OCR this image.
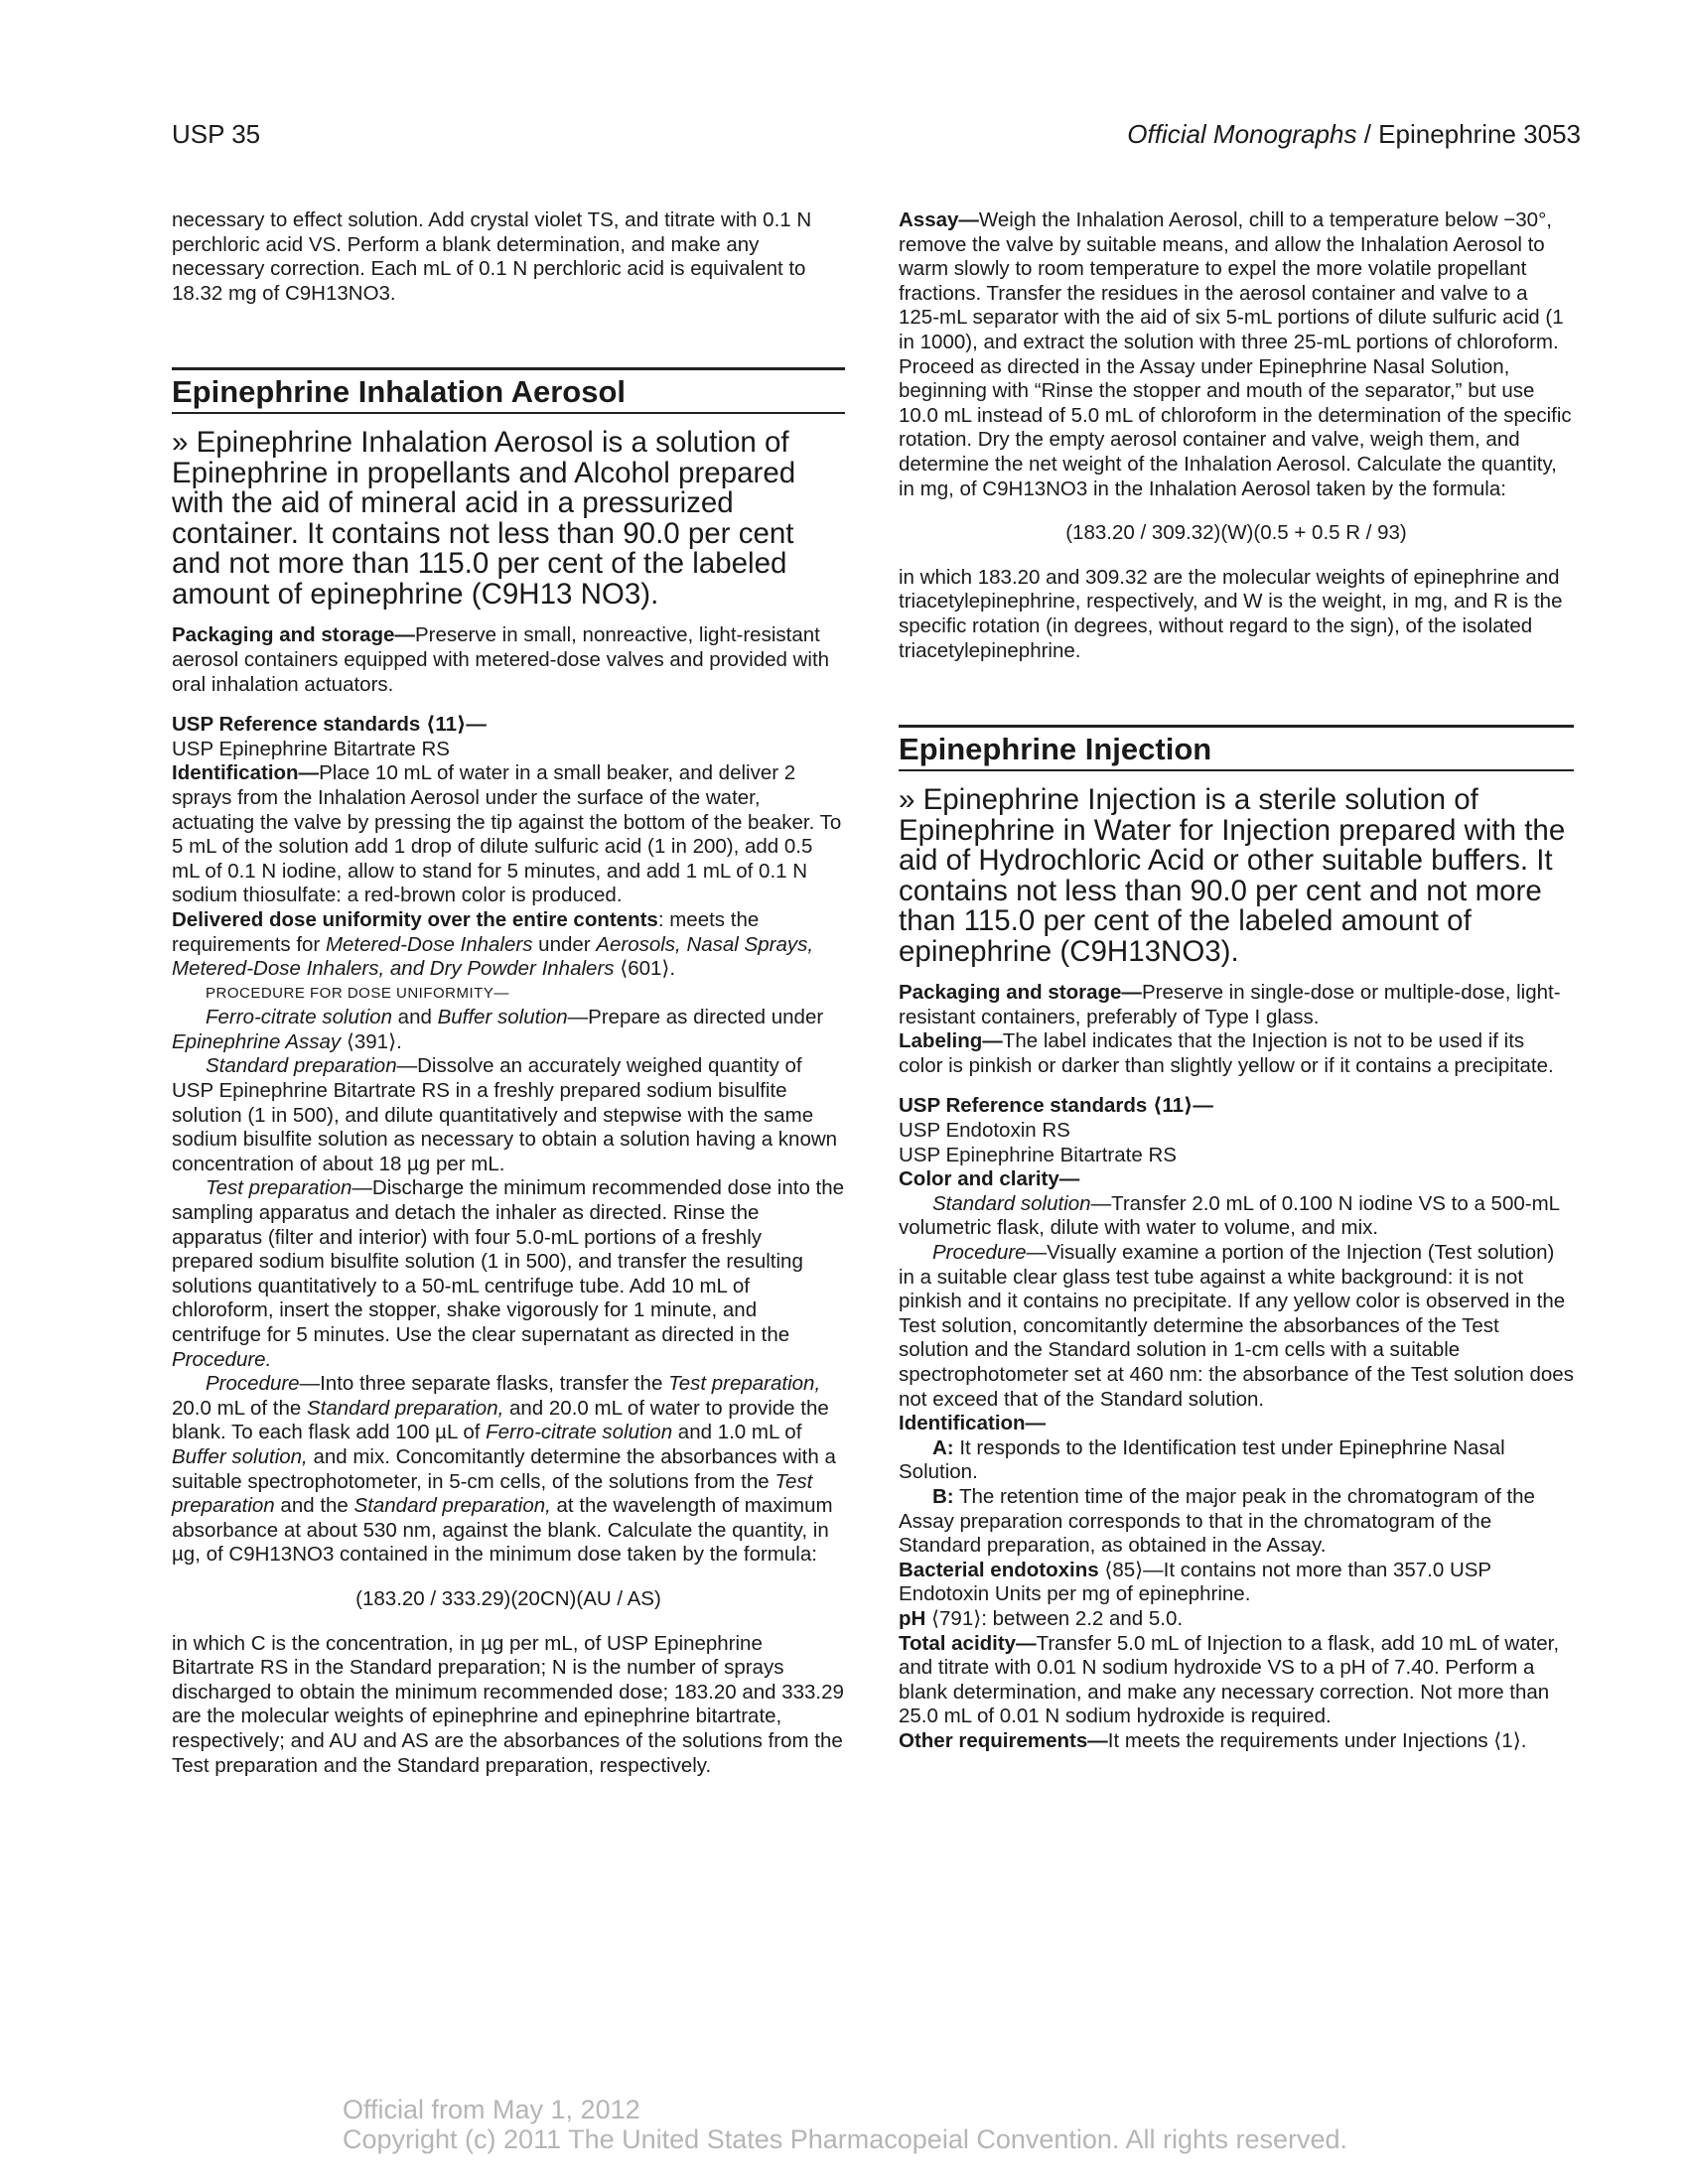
USP 35	Official Monographs / Epinephrine 3053

necessary to effect solution. Add crystal violet TS, and titrate with 0.1 N perchloric acid VS. Perform a blank determination, and make any necessary correction. Each mL of 0.1 N perchloric acid is equivalent to 18.32 mg of C9H13NO3.

Epinephrine Inhalation Aerosol

» Epinephrine Inhalation Aerosol is a solution of Epinephrine in propellants and Alcohol prepared with the aid of mineral acid in a pressurized container. It contains not less than 90.0 per cent and not more than 115.0 per cent of the labeled amount of epinephrine (C9H13 NO3).

Packaging and storage—Preserve in small, nonreactive, light-resistant aerosol containers equipped with metered-dose valves and provided with oral inhalation actuators.

USP Reference standards ⟨11⟩—

USP Epinephrine Bitartrate RS

Identification—Place 10 mL of water in a small beaker, and deliver 2 sprays from the Inhalation Aerosol under the surface of the water, actuating the valve by pressing the tip against the bottom of the beaker. To 5 mL of the solution add 1 drop of dilute sulfuric acid (1 in 200), add 0.5 mL of 0.1 N iodine, allow to stand for 5 minutes, and add 1 mL of 0.1 N sodium thiosulfate: a red-brown color is produced.

Delivered dose uniformity over the entire contents: meets the requirements for Metered-Dose Inhalers under Aerosols, Nasal Sprays, Metered-Dose Inhalers, and Dry Powder Inhalers ⟨601⟩.

PROCEDURE FOR DOSE UNIFORMITY—

Ferro-citrate solution and Buffer solution—Prepare as directed under Epinephrine Assay ⟨391⟩.

Standard preparation—Dissolve an accurately weighed quantity of USP Epinephrine Bitartrate RS in a freshly prepared sodium bisulfite solution (1 in 500), and dilute quantitatively and stepwise with the same sodium bisulfite solution as necessary to obtain a solution having a known concentration of about 18 µg per mL.

Test preparation—Discharge the minimum recommended dose into the sampling apparatus and detach the inhaler as directed. Rinse the apparatus (filter and interior) with four 5.0-mL portions of a freshly prepared sodium bisulfite solution (1 in 500), and transfer the resulting solutions quantitatively to a 50-mL centrifuge tube. Add 10 mL of chloroform, insert the stopper, shake vigorously for 1 minute, and centrifuge for 5 minutes. Use the clear supernatant as directed in the Procedure.

Procedure—Into three separate flasks, transfer the Test preparation, 20.0 mL of the Standard preparation, and 20.0 mL of water to provide the blank. To each flask add 100 µL of Ferro-citrate solution and 1.0 mL of Buffer solution, and mix. Concomitantly determine the absorbances with a suitable spectrophotometer, in 5-cm cells, of the solutions from the Test preparation and the Standard preparation, at the wavelength of maximum absorbance at about 530 nm, against the blank. Calculate the quantity, in µg, of C9H13NO3 contained in the minimum dose taken by the formula:

(183.20 / 333.29)(20CN)(AU / AS)

in which C is the concentration, in µg per mL, of USP Epinephrine Bitartrate RS in the Standard preparation; N is the number of sprays discharged to obtain the minimum recommended dose; 183.20 and 333.29 are the molecular weights of epinephrine and epinephrine bitartrate, respectively; and AU and AS are the absorbances of the solutions from the Test preparation and the Standard preparation, respectively.

Assay—Weigh the Inhalation Aerosol, chill to a temperature below −30°, remove the valve by suitable means, and allow the Inhalation Aerosol to warm slowly to room temperature to expel the more volatile propellant fractions. Transfer the residues in the aerosol container and valve to a 125-mL separator with the aid of six 5-mL portions of dilute sulfuric acid (1 in 1000), and extract the solution with three 25-mL portions of chloroform. Proceed as directed in the Assay under Epinephrine Nasal Solution, beginning with “Rinse the stopper and mouth of the separator,” but use 10.0 mL instead of 5.0 mL of chloroform in the determination of the specific rotation. Dry the empty aerosol container and valve, weigh them, and determine the net weight of the Inhalation Aerosol. Calculate the quantity, in mg, of C9H13NO3 in the Inhalation Aerosol taken by the formula:

(183.20 / 309.32)(W)(0.5 + 0.5 R / 93)

in which 183.20 and 309.32 are the molecular weights of epinephrine and triacetylepinephrine, respectively, and W is the weight, in mg, and R is the specific rotation (in degrees, without regard to the sign), of the isolated triacetylepinephrine.

Epinephrine Injection

» Epinephrine Injection is a sterile solution of Epinephrine in Water for Injection prepared with the aid of Hydrochloric Acid or other suitable buffers. It contains not less than 90.0 per cent and not more than 115.0 per cent of the labeled amount of epinephrine (C9H13NO3).

Packaging and storage—Preserve in single-dose or multiple-dose, light-resistant containers, preferably of Type I glass.

Labeling—The label indicates that the Injection is not to be used if its color is pinkish or darker than slightly yellow or if it contains a precipitate.

USP Reference standards ⟨11⟩—

USP Endotoxin RS

USP Epinephrine Bitartrate RS

Color and clarity—

Standard solution—Transfer 2.0 mL of 0.100 N iodine VS to a 500-mL volumetric flask, dilute with water to volume, and mix.

Procedure—Visually examine a portion of the Injection (Test solution) in a suitable clear glass test tube against a white background: it is not pinkish and it contains no precipitate. If any yellow color is observed in the Test solution, concomitantly determine the absorbances of the Test solution and the Standard solution in 1-cm cells with a suitable spectrophotometer set at 460 nm: the absorbance of the Test solution does not exceed that of the Standard solution.

Identification—

A: It responds to the Identification test under Epinephrine Nasal Solution.

B: The retention time of the major peak in the chromatogram of the Assay preparation corresponds to that in the chromatogram of the Standard preparation, as obtained in the Assay.

Bacterial endotoxins ⟨85⟩—It contains not more than 357.0 USP Endotoxin Units per mg of epinephrine.

pH ⟨791⟩: between 2.2 and 5.0.

Total acidity—Transfer 5.0 mL of Injection to a flask, add 10 mL of water, and titrate with 0.01 N sodium hydroxide VS to a pH of 7.40. Perform a blank determination, and make any necessary correction. Not more than 25.0 mL of 0.01 N sodium hydroxide is required.

Other requirements—It meets the requirements under Injections ⟨1⟩.

Official from May 1, 2012
Copyright (c) 2011 The United States Pharmacopeial Convention. All rights reserved.
